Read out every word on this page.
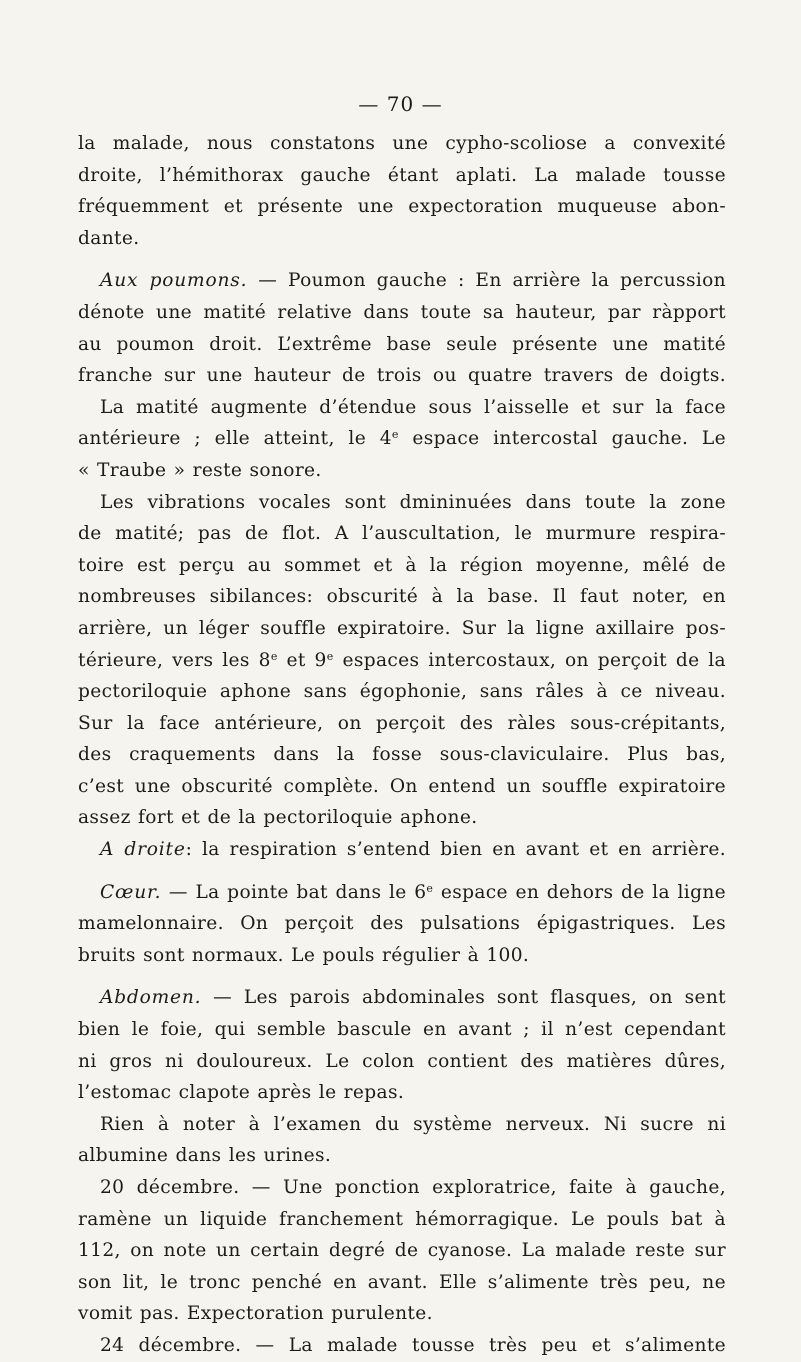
— 70 —
la malade, nous constatons une cypho-scoliose a convexité
droite, l’hémithorax gauche étant aplati. La malade tousse
fréquemment et présente une expectoration muqueuse abon-
dante.
Aux poumons. — Poumon gauche : En arrière la percussion
dénote une matité relative dans toute sa hauteur, par ràpport
au poumon droit. L’extrême base seule présente une matité
franche sur une hauteur de trois ou quatre travers de doigts.
La matité augmente d’étendue sous l’aisselle et sur la face
antérieure ; elle atteint, le 4e espace intercostal gauche. Le
« Traube » reste sonore.
Les vibrations vocales sont dmininuées dans toute la zone
de matité; pas de flot. A l’auscultation, le murmure respira-
toire est perçu au sommet et à la région moyenne, mêlé de
nombreuses sibilances: obscurité à la base. Il faut noter, en
arrière, un léger souffle expiratoire. Sur la ligne axillaire pos-
térieure, vers les 8e et 9e espaces intercostaux, on perçoit de la
pectoriloquie aphone sans égophonie, sans râles à ce niveau.
Sur la face antérieure, on perçoit des ràles sous-crépitants,
des craquements dans la fosse sous-claviculaire. Plus bas,
c’est une obscurité complète. On entend un souffle expiratoire
assez fort et de la pectoriloquie aphone.
A droite: la respiration s’entend bien en avant et en arrière.
Cœur. — La pointe bat dans le 6e espace en dehors de la ligne
mamelonnaire. On perçoit des pulsations épigastriques. Les
bruits sont normaux. Le pouls régulier à 100.
Abdomen. — Les parois abdominales sont flasques, on sent
bien le foie, qui semble bascule en avant ; il n’est cependant
ni gros ni douloureux. Le colon contient des matières dûres,
l’estomac clapote après le repas.
Rien à noter à l’examen du système nerveux. Ni sucre ni
albumine dans les urines.
20 décembre. — Une ponction exploratrice, faite à gauche,
ramène un liquide franchement hémorragique. Le pouls bat à
112, on note un certain degré de cyanose. La malade reste sur
son lit, le tronc penché en avant. Elle s’alimente très peu, ne
vomit pas. Expectoration purulente.
24 décembre. — La malade tousse très peu et s’alimente
